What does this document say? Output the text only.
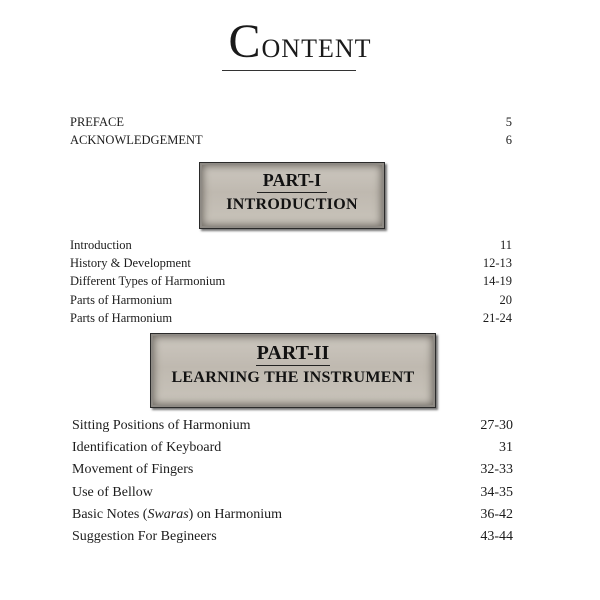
CONTENT
PREFACE	5
ACKNOWLEDGEMENT	6
PART-I
INTRODUCTION
Introduction	11
History & Development	12-13
Different Types of Harmonium	14-19
Parts of Harmonium	20
Parts of Harmonium	21-24
PART-II
LEARNING THE INSTRUMENT
Sitting Positions of Harmonium	27-30
Identification of Keyboard	31
Movement of Fingers	32-33
Use of Bellow	34-35
Basic Notes (Swaras) on Harmonium	36-42
Suggestion For Begineers	43-44
